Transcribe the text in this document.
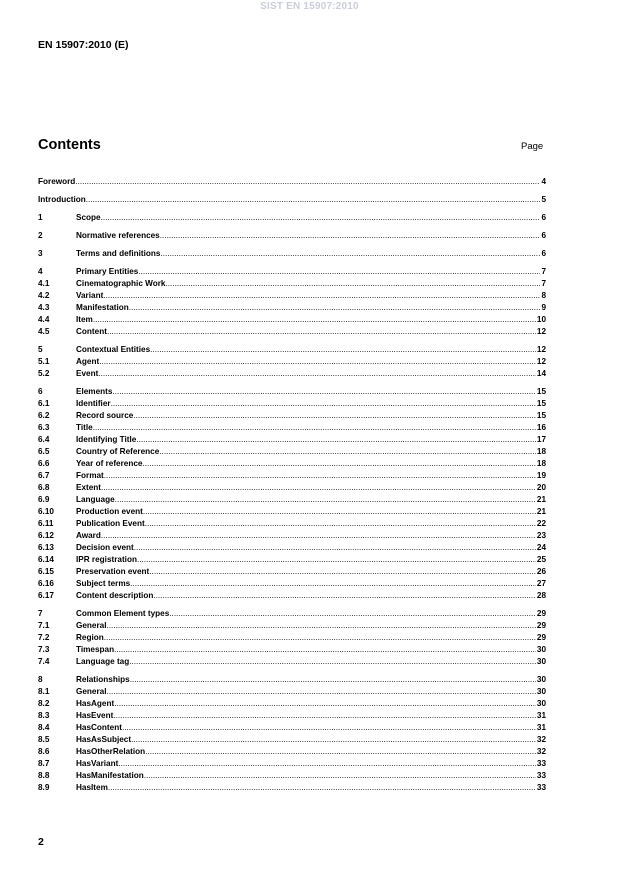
SIST EN 15907:2010
EN 15907:2010 (E)
Contents	Page
Foreword .....	4
Introduction .....	5
1	Scope .....	6
2	Normative references .....	6
3	Terms and definitions .....	6
4	Primary Entities .....	7
4.1	Cinematographic Work .....	7
4.2	Variant .....	8
4.3	Manifestation .....	9
4.4	Item .....	10
4.5	Content .....	12
5	Contextual Entities .....	12
5.1	Agent .....	12
5.2	Event .....	14
6	Elements .....	15
6.1	Identifier .....	15
6.2	Record source .....	15
6.3	Title .....	16
6.4	Identifying Title .....	17
6.5	Country of Reference .....	18
6.6	Year of reference .....	18
6.7	Format .....	19
6.8	Extent .....	20
6.9	Language .....	21
6.10	Production event .....	21
6.11	Publication Event .....	22
6.12	Award .....	23
6.13	Decision event .....	24
6.14	IPR registration .....	25
6.15	Preservation event .....	26
6.16	Subject terms .....	27
6.17	Content description .....	28
7	Common Element types .....	29
7.1	General .....	29
7.2	Region .....	29
7.3	Timespan .....	30
7.4	Language tag .....	30
8	Relationships .....	30
8.1	General .....	30
8.2	HasAgent .....	30
8.3	HasEvent .....	31
8.4	HasContent .....	31
8.5	HasAsSubject .....	32
8.6	HasOtherRelation .....	32
8.7	HasVariant .....	33
8.8	HasManifestation .....	33
8.9	HasItem .....	33
2
